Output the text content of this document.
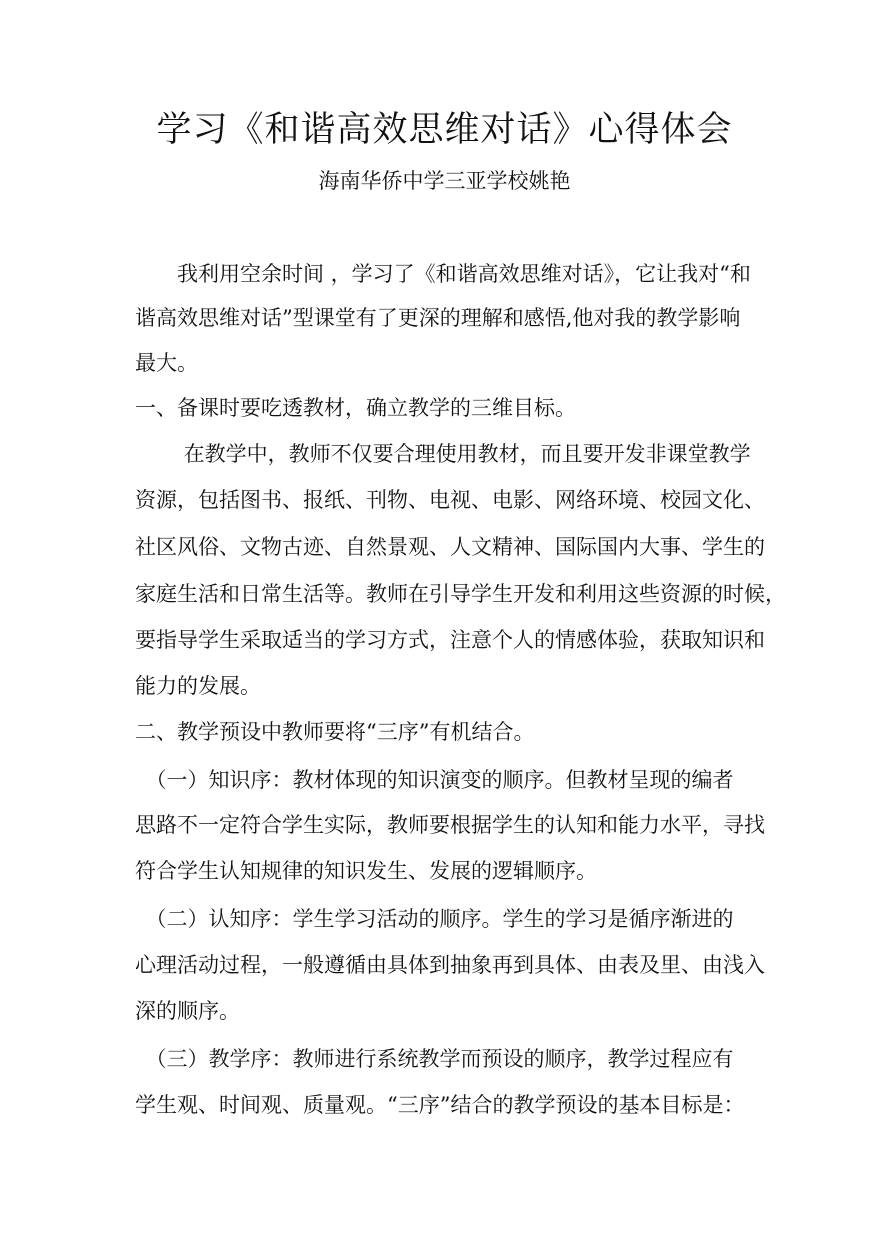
学习《和谐高效思维对话》心得体会
海南华侨中学三亚学校姚艳
　　我利用空余时间 ，学习了《和谐高效思维对话》，它让我对“和
谐高效思维对话”型课堂有了更深的理解和感悟,他对我的教学影响
最大。
一、备课时要吃透教材，确立教学的三维目标。
　　 在教学中，教师不仅要合理使用教材，而且要开发非课堂教学
资源，包括图书、报纸、刊物、电视、电影、网络环境、校园文化、
社区风俗、文物古迹、自然景观、人文精神、国际国内大事、学生的
家庭生活和日常生活等。教师在引导学生开发和利用这些资源的时候，
要指导学生采取适当的学习方式，注意个人的情感体验，获取知识和
能力的发展。
二、教学预设中教师要将“三序”有机结合。
　（一）知识序：教材体现的知识演变的顺序。但教材呈现的编者
思路不一定符合学生实际，教师要根据学生的认知和能力水平，寻找
符合学生认知规律的知识发生、发展的逻辑顺序。
　（二）认知序：学生学习活动的顺序。学生的学习是循序渐进的
心理活动过程，一般遵循由具体到抽象再到具体、由表及里、由浅入
深的顺序。
　（三）教学序：教师进行系统教学而预设的顺序，教学过程应有
学生观、时间观、质量观。“三序”结合的教学预设的基本目标是：
